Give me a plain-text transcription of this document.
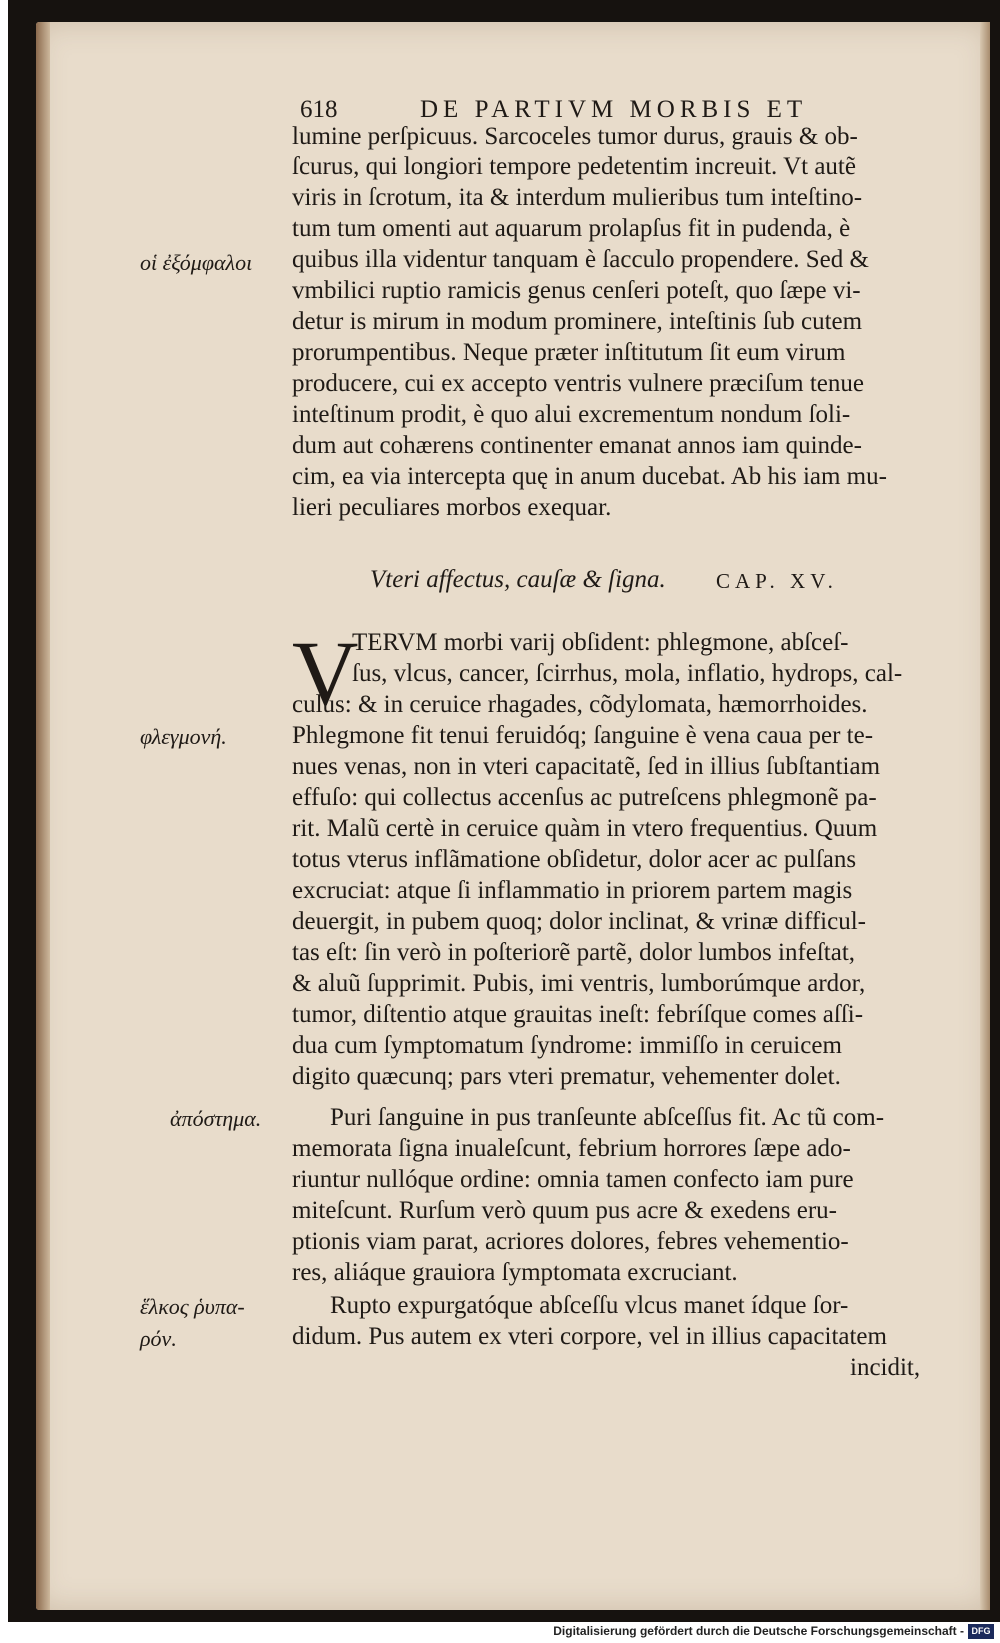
618	DE PARTIVM MORBIS ET
lumine perſpicuus. Sarcoceles tumor durus, grauis & ob-
ſcurus, qui longiori tempore pedetentim increuit. Vt autẽ
viris in ſcrotum, ita & interdum mulieribus tum inteſtino-
tum tum omenti aut aquarum prolapſus fit in pudenda, è
quibus illa videntur tanquam è ſacculo propendere. Sed &
vmbilici ruptio ramicis genus cenſeri poteſt, quo ſæpe vi-
detur is mirum in modum prominere, inteſtinis ſub cutem
prorumpentibus. Neque præter inſtitutum ſit eum virum
producere, cui ex accepto ventris vulnere præciſum tenue
inteſtinum prodit, è quo alui excrementum nondum ſoli-
dum aut cohærens continenter emanat annos iam quinde-
cim, ea via intercepta quę in anum ducebat. Ab his iam mu-
lieri peculiares morbos exequar.
οἱ ἐξόμφαλοι
Vteri affectus, cauſæ & ſigna. CAP. XV.
V
TERVM morbi varij obſident: phlegmone, abſceſ-
ſus, vlcus, cancer, ſcirrhus, mola, inflatio, hydrops, cal-
culus: & in ceruice rhagades, cõdylomata, hæmorrhoides.
Phlegmone fit tenui feruidóq; ſanguine è vena caua per te-
nues venas, non in vteri capacitatẽ, ſed in illius ſubſtantiam
effuſo: qui collectus accenſus ac putreſcens phlegmonẽ pa-
rit. Malũ certè in ceruice quàm in vtero frequentius. Quum
totus vterus inflãmatione obſidetur, dolor acer ac pulſans
excruciat: atque ſi inflammatio in priorem partem magis
deuergit, in pubem quoq; dolor inclinat, & vrinæ difficul-
tas eſt: ſin verò in poſteriorẽ partẽ, dolor lumbos infeſtat,
& aluũ ſupprimit. Pubis, imi ventris, lumborúmque ardor,
tumor, diſtentio atque grauitas ineſt: febríſque comes aſſi-
dua cum ſymptomatum ſyndrome: immiſſo in ceruicem
digito quæcunq; pars vteri prematur, vehementer dolet.
φλεγμονή.
Puri ſanguine in pus tranſeunte abſceſſus fit. Ac tũ com-
memorata ſigna inualeſcunt, febrium horrores ſæpe ado-
riuntur nullóque ordine: omnia tamen confecto iam pure
miteſcunt. Rurſum verò quum pus acre & exedens eru-
ptionis viam parat, acriores dolores, febres vehementio-
res, aliáque grauiora ſymptomata excruciant.
ἀπόστημα.
Rupto expurgatóque abſceſſu vlcus manet ídque ſor-
didum. Pus autem ex vteri corpore, vel in illius capacitatem
ἕλκος ῥυπα-
ρόν.
incidit,
Digitalisierung gefördert durch die Deutsche Forschungsgemeinschaft - DFG
